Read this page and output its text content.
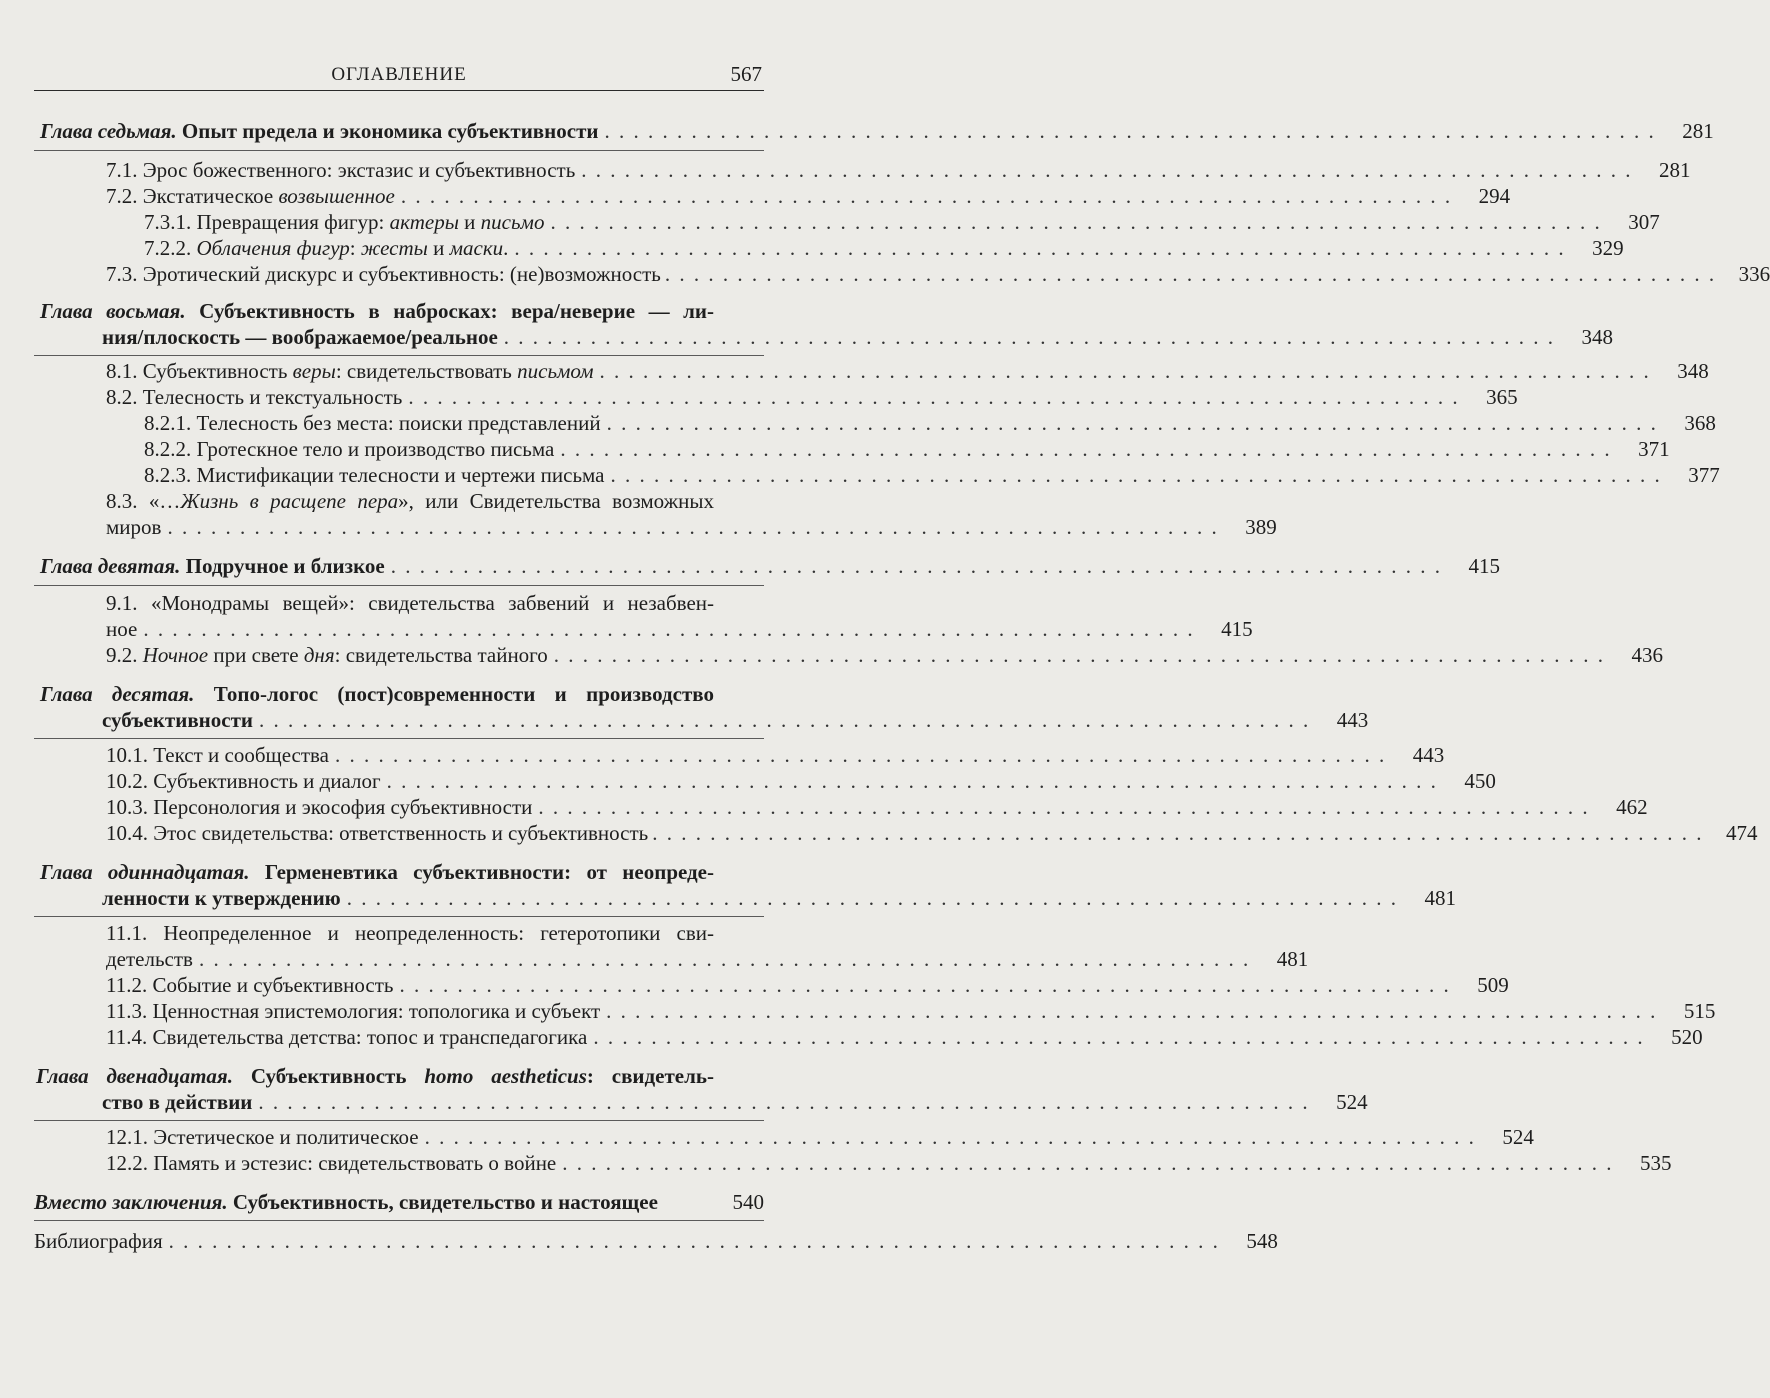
ОГЛАВЛЕНИЕ	567
Глава седьмая. Опыт предела и экономика субъективности . . . . . . . . . . . . . . . . . . . . . . . . . . . . . . . . . . . . . . . . . . . . . . . . . . . . . . . . . . . . . . . . . . . . . . . . .	281
7.1. Эрос божественного: экстазис и субъективность . . . . . . . . . . . . . . . . . . . . . . . . . . . . . . . . . . . . . . . . . . . . . . . . . . . . . . . . . . . . . . . . . . . . . . . . .	281
7.2. Экстатическое возвышенное . . . . . . . . . . . . . . . . . . . . . . . . . . . . . . . . . . . . . . . . . . . . . . . . . . . . . . . . . . . . . . . . . . . . . . . . .	294
7.3.1. Превращения фигур: актеры и письмо . . . . . . . . . . . . . . . . . . . . . . . . . . . . . . . . . . . . . . . . . . . . . . . . . . . . . . . . . . . . . . . . . . . . . . . . .	307
7.2.2. Облачения фигур: жесты и маски. . . . . . . . . . . . . . . . . . . . . . . . . . . . . . . . . . . . . . . . . . . . . . . . . . . . . . . . . . . . . . . . . . . . . . . . . .	329
7.3. Эротический дискурс и субъективность: (не)возможность . . . . . . . . . . . . . . . . . . . . . . . . . . . . . . . . . . . . . . . . . . . . . . . . . . . . . . . . . . . . . . . . . . . . . . . . .	336
Глава восьмая. Субъективность в набросках: вера/неверие — ли-
ния/плоскость — воображаемое/реальное . . . . . . . . . . . . . . . . . . . . . . . . . . . . . . . . . . . . . . . . . . . . . . . . . . . . . . . . . . . . . . . . . . . . . . . . .	348
8.1. Субъективность веры: свидетельствовать письмом . . . . . . . . . . . . . . . . . . . . . . . . . . . . . . . . . . . . . . . . . . . . . . . . . . . . . . . . . . . . . . . . . . . . . . . . .	348
8.2. Телесность и текстуальность . . . . . . . . . . . . . . . . . . . . . . . . . . . . . . . . . . . . . . . . . . . . . . . . . . . . . . . . . . . . . . . . . . . . . . . . .	365
8.2.1. Телесность без места: поиски представлений . . . . . . . . . . . . . . . . . . . . . . . . . . . . . . . . . . . . . . . . . . . . . . . . . . . . . . . . . . . . . . . . . . . . . . . . .	368
8.2.2. Гротескное тело и производство письма . . . . . . . . . . . . . . . . . . . . . . . . . . . . . . . . . . . . . . . . . . . . . . . . . . . . . . . . . . . . . . . . . . . . . . . . .	371
8.2.3. Мистификации телесности и чертежи письма . . . . . . . . . . . . . . . . . . . . . . . . . . . . . . . . . . . . . . . . . . . . . . . . . . . . . . . . . . . . . . . . . . . . . . . . .	377
8.3. «…Жизнь в расщепе пера», или Свидетельства возможных
миров . . . . . . . . . . . . . . . . . . . . . . . . . . . . . . . . . . . . . . . . . . . . . . . . . . . . . . . . . . . . . . . . . . . . . . . . .	389
Глава девятая. Подручное и близкое . . . . . . . . . . . . . . . . . . . . . . . . . . . . . . . . . . . . . . . . . . . . . . . . . . . . . . . . . . . . . . . . . . . . . . . . .	415
9.1. «Монодрамы вещей»: свидетельства забвений и незабвен-
ное . . . . . . . . . . . . . . . . . . . . . . . . . . . . . . . . . . . . . . . . . . . . . . . . . . . . . . . . . . . . . . . . . . . . . . . . .	415
9.2. Ночное при свете дня: свидетельства тайного . . . . . . . . . . . . . . . . . . . . . . . . . . . . . . . . . . . . . . . . . . . . . . . . . . . . . . . . . . . . . . . . . . . . . . . . .	436
Глава десятая. Топо-логос (пост)современности и производство
субъективности . . . . . . . . . . . . . . . . . . . . . . . . . . . . . . . . . . . . . . . . . . . . . . . . . . . . . . . . . . . . . . . . . . . . . . . . .	443
10.1. Текст и сообщества . . . . . . . . . . . . . . . . . . . . . . . . . . . . . . . . . . . . . . . . . . . . . . . . . . . . . . . . . . . . . . . . . . . . . . . . .	443
10.2. Субъективность и диалог . . . . . . . . . . . . . . . . . . . . . . . . . . . . . . . . . . . . . . . . . . . . . . . . . . . . . . . . . . . . . . . . . . . . . . . . .	450
10.3. Персонология и экософия субъективности . . . . . . . . . . . . . . . . . . . . . . . . . . . . . . . . . . . . . . . . . . . . . . . . . . . . . . . . . . . . . . . . . . . . . . . . .	462
10.4. Этос свидетельства: ответственность и субъективность . . . . . . . . . . . . . . . . . . . . . . . . . . . . . . . . . . . . . . . . . . . . . . . . . . . . . . . . . . . . . . . . . . . . . . . . .	474
Глава одиннадцатая. Герменевтика субъективности: от неопреде-
ленности к утверждению . . . . . . . . . . . . . . . . . . . . . . . . . . . . . . . . . . . . . . . . . . . . . . . . . . . . . . . . . . . . . . . . . . . . . . . . .	481
11.1. Неопределенное и неопределенность: гетеротопики сви-
детельств . . . . . . . . . . . . . . . . . . . . . . . . . . . . . . . . . . . . . . . . . . . . . . . . . . . . . . . . . . . . . . . . . . . . . . . . .	481
11.2. Событие и субъективность . . . . . . . . . . . . . . . . . . . . . . . . . . . . . . . . . . . . . . . . . . . . . . . . . . . . . . . . . . . . . . . . . . . . . . . . .	509
11.3. Ценностная эпистемология: топологика и субъект . . . . . . . . . . . . . . . . . . . . . . . . . . . . . . . . . . . . . . . . . . . . . . . . . . . . . . . . . . . . . . . . . . . . . . . . .	515
11.4. Свидетельства детства: топос и транспедагогика . . . . . . . . . . . . . . . . . . . . . . . . . . . . . . . . . . . . . . . . . . . . . . . . . . . . . . . . . . . . . . . . . . . . . . . . .	520
Глава двенадцатая. Субъективность homo aestheticus: свидетель-
ство в действии . . . . . . . . . . . . . . . . . . . . . . . . . . . . . . . . . . . . . . . . . . . . . . . . . . . . . . . . . . . . . . . . . . . . . . . . .	524
12.1. Эстетическое и политическое . . . . . . . . . . . . . . . . . . . . . . . . . . . . . . . . . . . . . . . . . . . . . . . . . . . . . . . . . . . . . . . . . . . . . . . . .	524
12.2. Память и эстезис: свидетельствовать о войне . . . . . . . . . . . . . . . . . . . . . . . . . . . . . . . . . . . . . . . . . . . . . . . . . . . . . . . . . . . . . . . . . . . . . . . . .	535
Вместо заключения. Субъективность, свидетельство и настоящее	540
Библиография . . . . . . . . . . . . . . . . . . . . . . . . . . . . . . . . . . . . . . . . . . . . . . . . . . . . . . . . . . . . . . . . . . . . . . . . .	548
